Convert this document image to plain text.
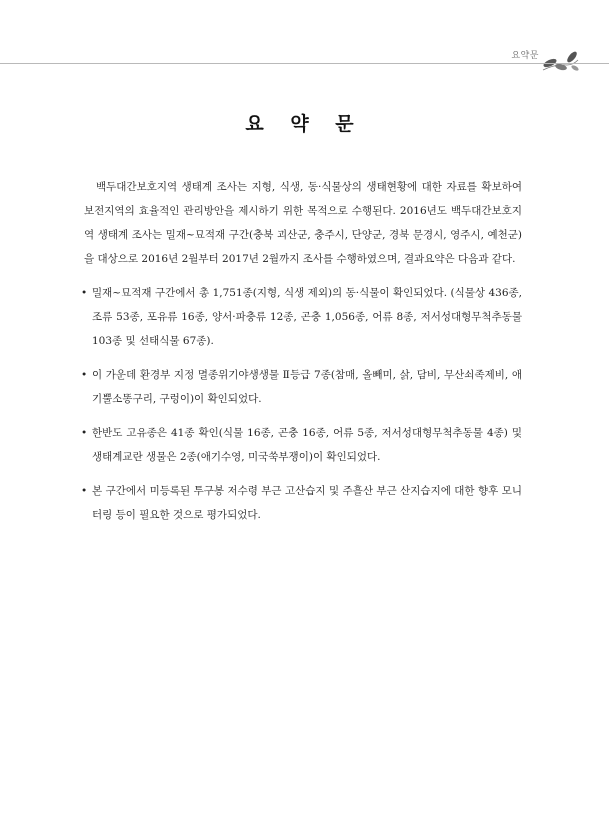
요약문
요 약 문

백두대간보호지역 생태계 조사는 지형, 식생, 동·식물상의 생태현황에 대한 자료를 확보하여 보전지역의 효율적인 관리방안을 제시하기 위한 목적으로 수행된다. 2016년도 백두대간보호지역 생태계 조사는 밀재~묘적재 구간(충북 괴산군, 충주시, 단양군, 경북 문경시, 영주시, 예천군)을 대상으로 2016년 2월부터 2017년 2월까지 조사를 수행하였으며, 결과요약은 다음과 같다.

• 밀재~묘적재 구간에서 총 1,751종(지형, 식생 제외)의 동·식물이 확인되었다. (식물상 436종, 조류 53종, 포유류 16종, 양서·파충류 12종, 곤충 1,056종, 어류 8종, 저서성대형무척추동물 103종 및 선태식물 67종).
• 이 가운데 환경부 지정 멸종위기야생생물 Ⅱ등급 7종(참매, 올빼미, 삵, 담비, 무산쇠족제비, 애기뿔소똥구리, 구렁이)이 확인되었다.
• 한반도 고유종은 41종 확인(식물 16종, 곤충 16종, 어류 5종, 저서성대형무척추동물 4종) 및 생태계교란 생물은 2종(애기수영, 미국쑥부쟁이)이 확인되었다.
• 본 구간에서 미등록된 투구봉 저수령 부근 고산습지 및 주흘산 부근 산지습지에 대한 향후 모니터링 등이 필요한 것으로 평가되었다.
